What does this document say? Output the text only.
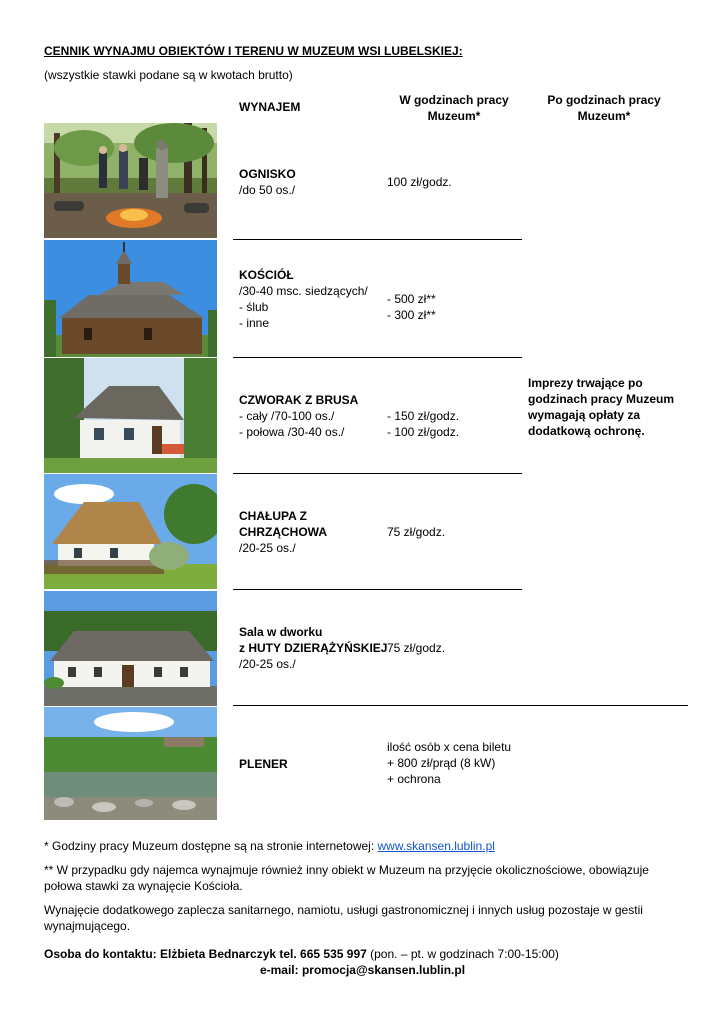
CENNIK WYNAJMU OBIEKTÓW I TERENU W MUZEUM WSI LUBELSKIEJ:
(wszystkie stawki podane są w kwotach brutto)
WYNAJEM	W godzinach pracy
Muzeum*
Po godzinach pracy
Muzeum*
OGNISKO
/do 50 os./
100 zł/godz.
KOŚCIÓŁ
/30-40 msc. siedzących/
- ślub
- inne
- 500 zł**
- 300 zł**
CZWORAK Z BRUSA
- cały /70-100 os./
- połowa /30-40 os./
- 150 zł/godz.
- 100 zł/godz.
Imprezy trwające po godzinach pracy Muzeum wymagają opłaty za dodatkową ochronę.
CHAŁUPA Z
CHRZĄCHOWA
/20-25 os./
75 zł/godz.
Sala w dworku
z HUTY DZIERĄŻYŃSKIEJ
/20-25 os./
75 zł/godz.
PLENER
ilość osób x cena biletu
+ 800 zł/prąd (8 kW)
+ ochrona
* Godziny pracy Muzeum dostępne są na stronie internetowej: www.skansen.lublin.pl
** W przypadku gdy najemca wynajmuje również inny obiekt w Muzeum na przyjęcie okolicznościowe, obowiązuje połowa stawki za wynajęcie Kościoła.
Wynajęcie dodatkowego zaplecza sanitarnego, namiotu, usługi gastronomicznej i innych usług pozostaje w gestii wynajmującego.
Osoba do kontaktu: Elżbieta Bednarczyk tel. 665 535 997 (pon. – pt. w godzinach 7:00-15:00)
e-mail: promocja@skansen.lublin.pl
